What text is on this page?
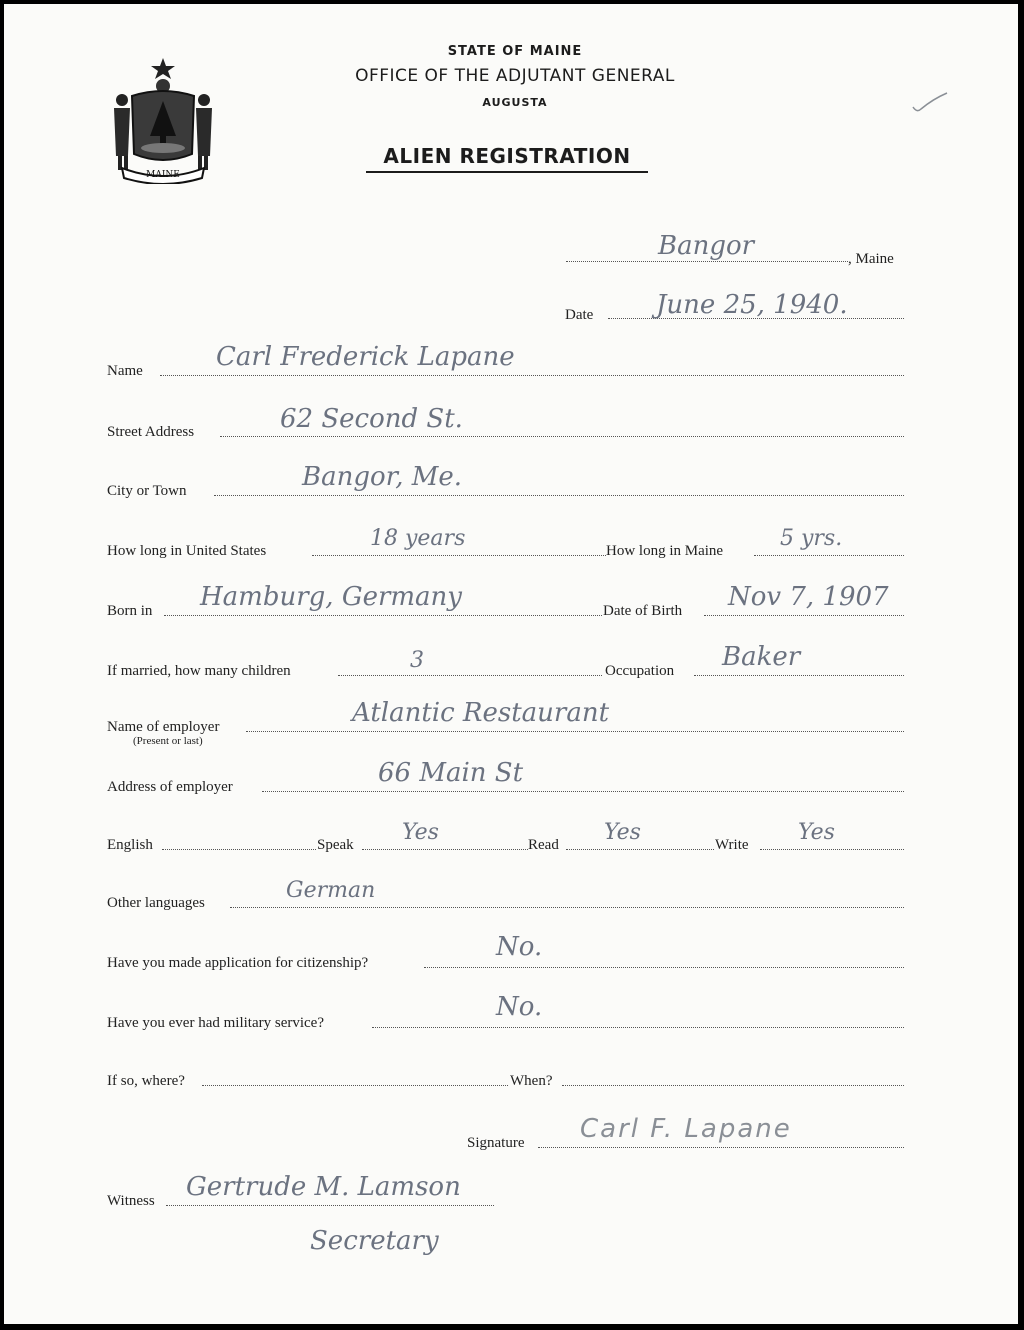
MAINE
STATE OF MAINE
OFFICE OF THE ADJUTANT GENERAL
AUGUSTA
ALIEN REGISTRATION
Bangor	, Maine
Date June 25, 1940.
Name	Carl Frederick Lapane
Street Address	62 Second St.
City or Town	Bangor, Me.
How long in United States	18 years	How long in Maine	5 yrs.
Born in Hamburg, Germany	Date of Birth Nov 7, 1907
If married, how many children	3	Occupation Baker
Name of employer
(Present or last)
Atlantic Restaurant
Address of employer	66 Main St
English	Speak Yes	Read Yes	Write Yes
Other languages	German
Have you made application for citizenship?
No.
Have you ever had military service?
No.
If so, where?	When?
Signature Carl F. Lapane
Witness Gertrude M. Lamson
Secretary
